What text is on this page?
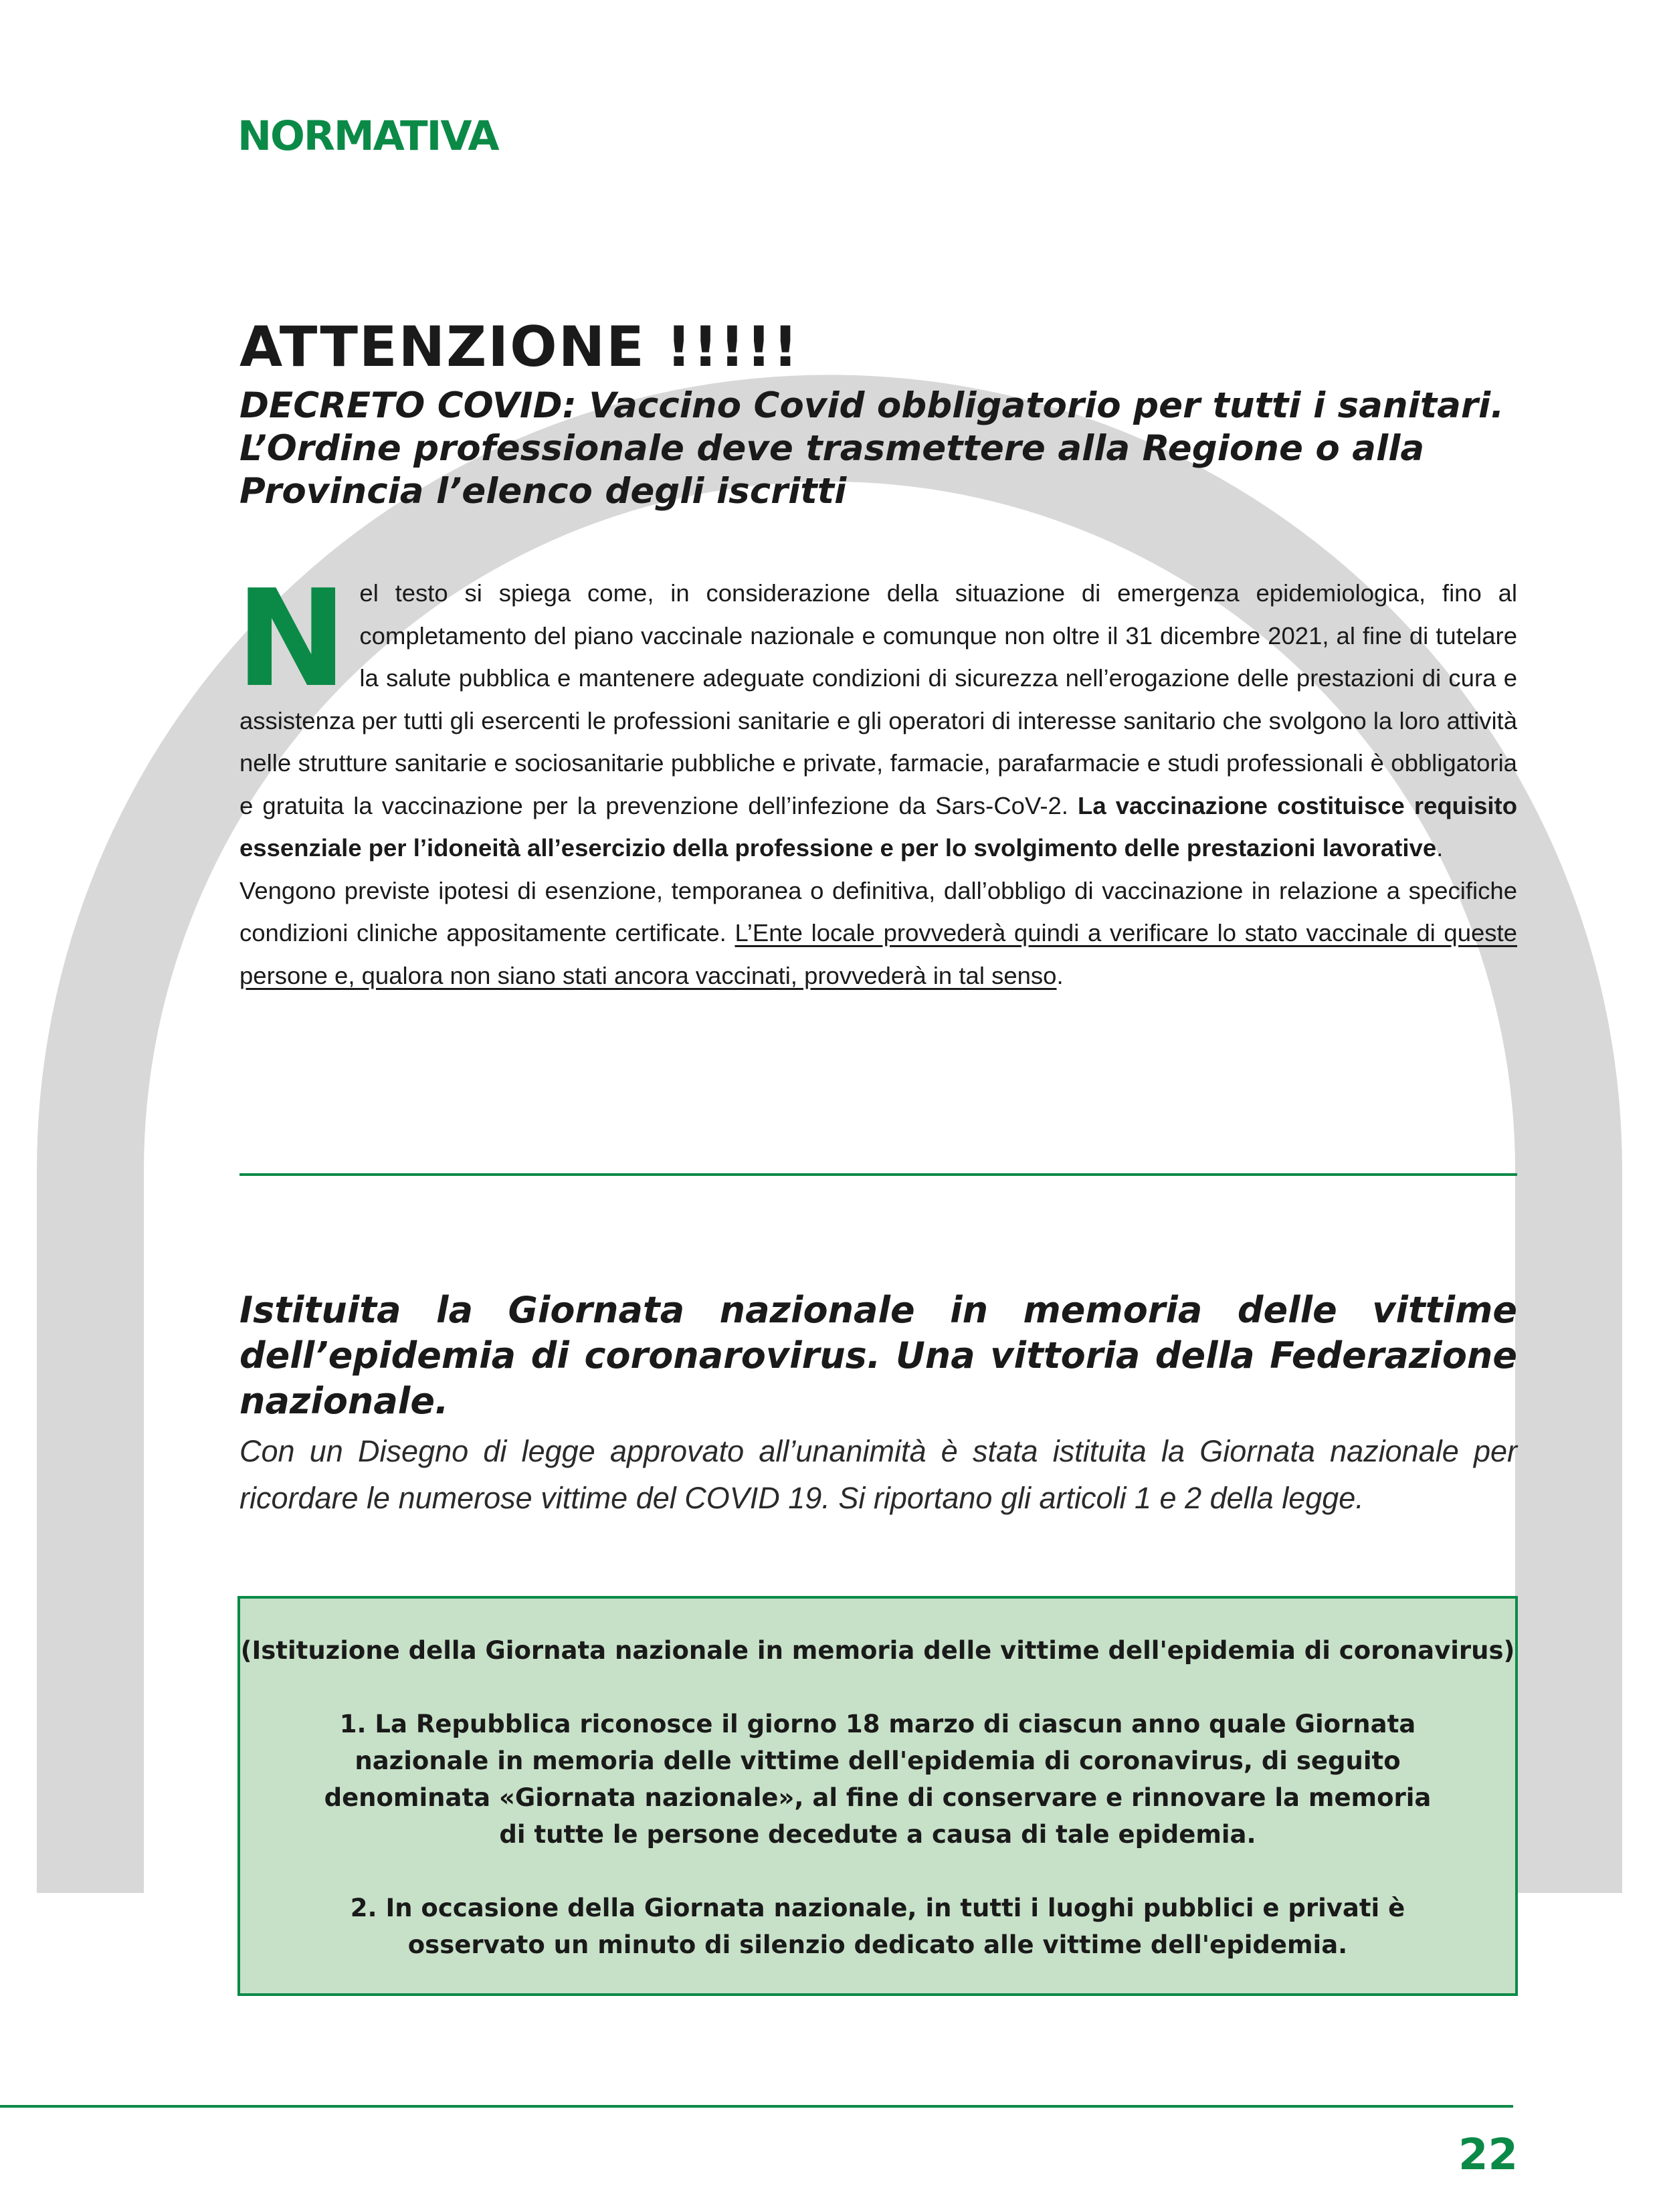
NORMATIVA
ATTENZIONE !!!!!
DECRETO COVID: Vaccino Covid obbligatorio per tutti i sanitari.
L’Ordine professionale deve trasmettere alla Regione o alla
Provincia l’elenco degli iscritti
N el testo si spiega come, in considerazione della situazione di emergenza epidemiologica, fino al completamento del piano vaccinale nazionale e comunque non oltre il 31 dicembre 2021, al fine di tutelare la salute pubblica e mantenere adeguate condizioni di sicurezza nell’erogazione delle prestazioni di cura e assistenza per tutti gli esercenti le professioni sanitarie e gli operatori di interesse sanitario che svolgono la loro attività nelle strutture sanitarie e sociosanitarie pubbliche e private, farmacie, parafarmacie e studi professionali è obbligatoria e gratuita la vaccinazione per la prevenzione dell’infezione da Sars-CoV-2. La vaccinazione costituisce requisito essenziale per l’idoneità all’esercizio della professione e per lo svolgimento delle prestazioni lavorative.
Vengono previste ipotesi di esenzione, temporanea o definitiva, dall’obbligo di vaccinazione in relazione a specifiche condizioni cliniche appositamente certificate. L’Ente locale provvederà quindi a verificare lo stato vaccinale di queste persone e, qualora non siano stati ancora vaccinati, provvederà in tal senso.
Istituita la Giornata nazionale in memoria delle vittime dell’epidemia di coronarovirus. Una vittoria della Federazione nazionale.

Con un Disegno di legge approvato all’unanimità è stata istituita la Giornata nazionale per ricordare le numerose vittime del COVID 19. Si riportano gli articoli 1 e 2 della legge.

(Istituzione della Giornata nazionale in memoria delle vittime dell'epidemia di coronavirus)

1. La Repubblica riconosce il giorno 18 marzo di ciascun anno quale Giornata nazionale in memoria delle vittime dell'epidemia di coronavirus, di seguito denominata «Giornata nazionale», al fine di conservare e rinnovare la memoria di tutte le persone decedute a causa di tale epidemia.

2. In occasione della Giornata nazionale, in tutti i luoghi pubblici e privati è osservato un minuto di silenzio dedicato alle vittime dell'epidemia.

22
